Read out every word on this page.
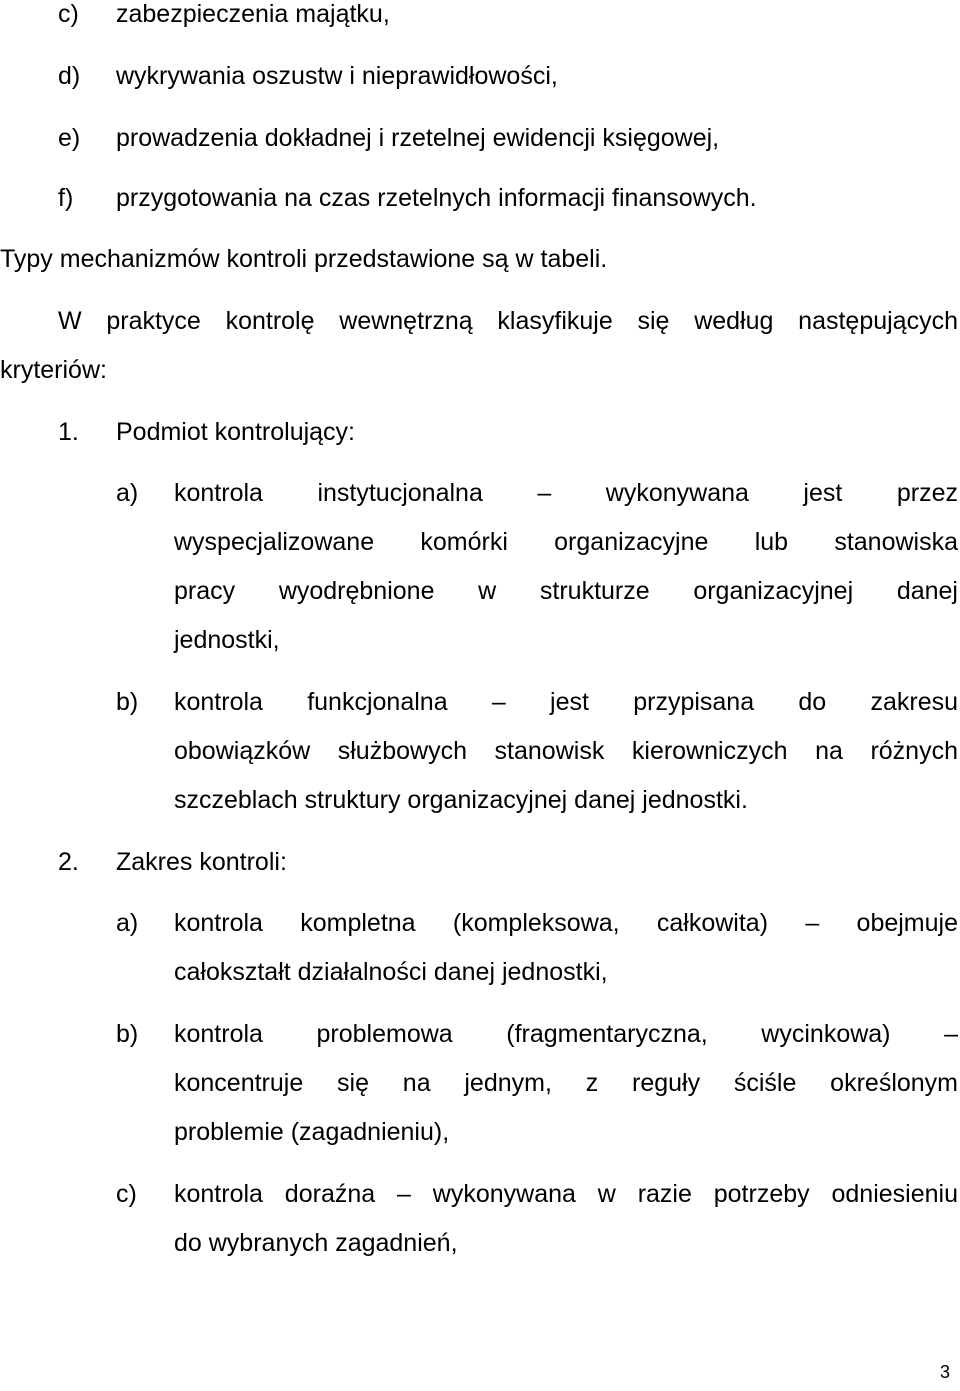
c) zabezpieczenia majątku,
d) wykrywania oszustw i nieprawidłowości,
e) prowadzenia dokładnej i rzetelnej ewidencji księgowej,
f) przygotowania na czas rzetelnych informacji finansowych.
Typy mechanizmów kontroli przedstawione są w tabeli.
W praktyce kontrolę wewnętrzną klasyfikuje się według następujących
kryteriów:
1. Podmiot kontrolujący:
a) kontrola instytucjonalna – wykonywana jest przez
wyspecjalizowane komórki organizacyjne lub stanowiska
pracy wyodrębnione w strukturze organizacyjnej danej
jednostki,
b) kontrola funkcjonalna – jest przypisana do zakresu
obowiązków służbowych stanowisk kierowniczych na różnych
szczeblach struktury organizacyjnej danej jednostki.
2. Zakres kontroli:
a) kontrola kompletna (kompleksowa, całkowita) – obejmuje
całokształt działalności danej jednostki,
b) kontrola problemowa (fragmentaryczna, wycinkowa) –
koncentruje się na jednym, z reguły ściśle określonym
problemie (zagadnieniu),
c) kontrola doraźna – wykonywana w razie potrzeby odniesieniu
do wybranych zagadnień,
3
